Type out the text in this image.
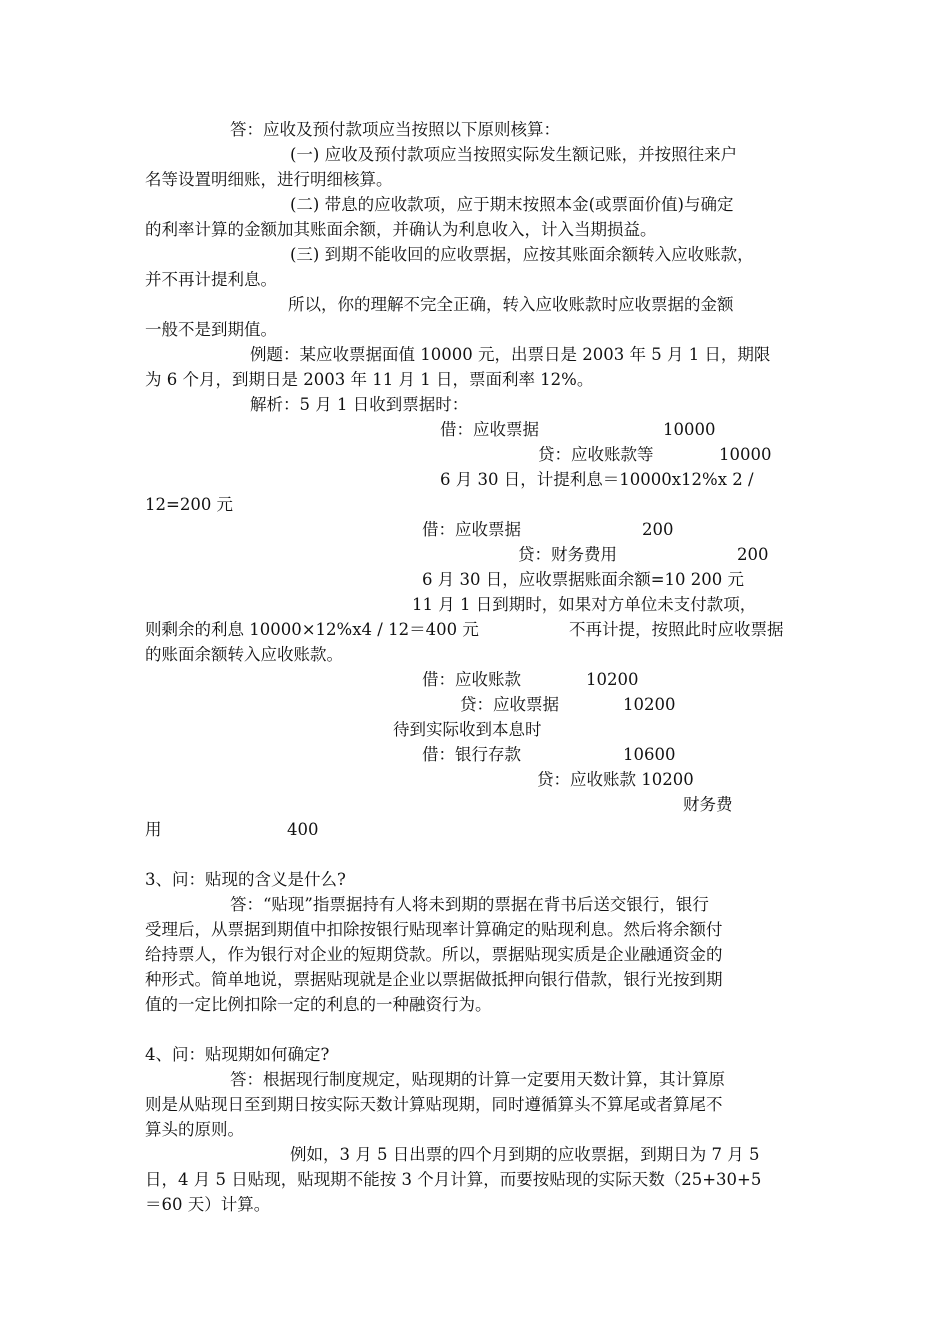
答：应收及预付款项应当按照以下原则核算：
(一) 应收及预付款项应当按照实际发生额记账，并按照往来户
名等设置明细账，进行明细核算。
(二) 带息的应收款项，应于期末按照本金(或票面价值)与确定
的利率计算的金额加其账面余额，并确认为利息收入，计入当期损益。
(三) 到期不能收回的应收票据，应按其账面余额转入应收账款，
并不再计提利息。
所以，你的理解不完全正确，转入应收账款时应收票据的金额
一般不是到期值。
例题：某应收票据面值 10000 元，出票日是 2003 年 5 月 1 日，期限
为 6 个月，到期日是 2003 年 11 月 1 日，票面利率 12%。
解析：5 月 1 日收到票据时：
借：应收票据	10000
贷：应收账款等	10000
6 月 30 日，计提利息＝10000x12%x 2 /
12=200 元
借：应收票据	200
贷：财务费用	200
6 月 30 日，应收票据账面余额=10 200 元
11 月 1 日到期时，如果对方单位未支付款项，
则剩余的利息 10000×12%x4 / 12＝400 元	不再计提，按照此时应收票据
的账面余额转入应收账款。
借：应收账款	10200
贷：应收票据	10200
待到实际收到本息时
借：银行存款	10600
贷：应收账款 10200
财务费
用	400
3、问：贴现的含义是什么?
答：“贴现”指票据持有人将未到期的票据在背书后送交银行，银行
受理后，从票据到期值中扣除按银行贴现率计算确定的贴现利息。然后将余额付
给持票人，作为银行对企业的短期贷款。所以，票据贴现实质是企业融通资金的
种形式。简单地说，票据贴现就是企业以票据做抵押向银行借款，银行光按到期
值的一定比例扣除一定的利息的一种融资行为。
4、问：贴现期如何确定?
答：根据现行制度规定，贴现期的计算一定要用天数计算，其计算原
则是从贴现日至到期日按实际天数计算贴现期，同时遵循算头不算尾或者算尾不
算头的原则。
例如，3 月 5 日出票的四个月到期的应收票据，到期日为 7 月 5
日，4 月 5 日贴现，贴现期不能按 3 个月计算，而要按贴现的实际天数（25+30+5
＝60 天）计算。
